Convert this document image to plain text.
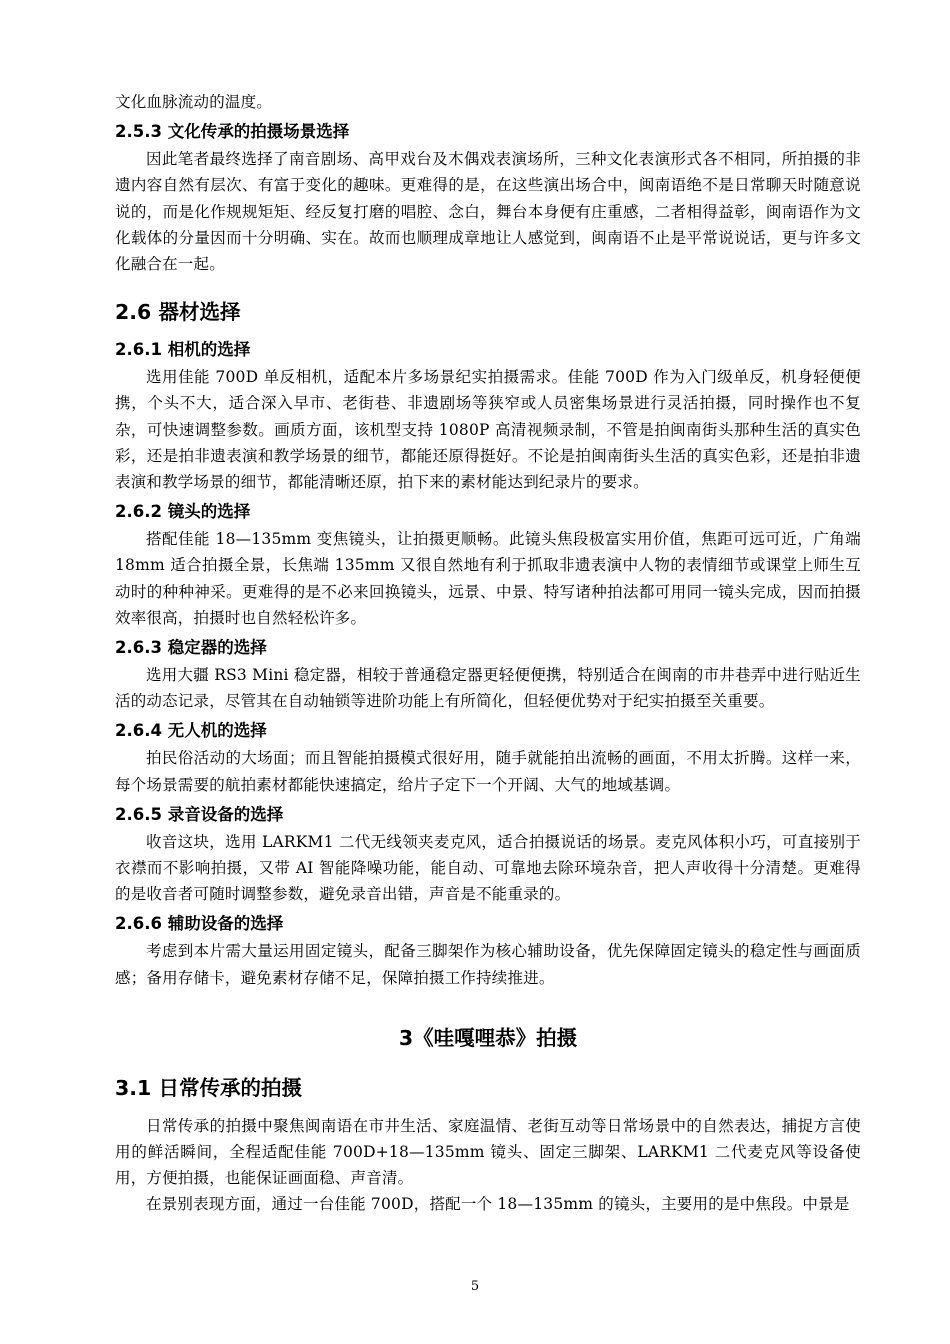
文化血脉流动的温度。

2.5.3 文化传承的拍摄场景选择

因此笔者最终选择了南音剧场、高甲戏台及木偶戏表演场所，三种文化表演形式各不相同，所拍摄的非遗内容自然有层次、有富于变化的趣味。更难得的是，在这些演出场合中，闽南语绝不是日常聊天时随意说说的，而是化作规规矩矩、经反复打磨的唱腔、念白，舞台本身便有庄重感，二者相得益彰，闽南语作为文化载体的分量因而十分明确、实在。故而也顺理成章地让人感觉到，闽南语不止是平常说说话，更与许多文化融合在一起。

2.6 器材选择
2.6.1 相机的选择

选用佳能 700D 单反相机，适配本片多场景纪实拍摄需求。佳能 700D 作为入门级单反，机身轻便便携，个头不大，适合深入早市、老街巷、非遗剧场等狭窄或人员密集场景进行灵活拍摄，同时操作也不复杂，可快速调整参数。画质方面，该机型支持 1080P 高清视频录制，不管是拍闽南街头那种生活的真实色彩，还是拍非遗表演和教学场景的细节，都能还原得挺好。不论是拍闽南街头生活的真实色彩，还是拍非遗表演和教学场景的细节，都能清晰还原，拍下来的素材能达到纪录片的要求。

2.6.2 镜头的选择

搭配佳能 18—135mm 变焦镜头，让拍摄更顺畅。此镜头焦段极富实用价值，焦距可远可近，广角端 18mm 适合拍摄全景，长焦端 135mm 又很自然地有利于抓取非遗表演中人物的表情细节或课堂上师生互动时的种种神采。更难得的是不必来回换镜头，远景、中景、特写诸种拍法都可用同一镜头完成，因而拍摄效率很高，拍摄时也自然轻松许多。

2.6.3 稳定器的选择

选用大疆 RS3 Mini 稳定器，相较于普通稳定器更轻便便携，特别适合在闽南的市井巷弄中进行贴近生活的动态记录，尽管其在自动轴锁等进阶功能上有所简化，但轻便优势对于纪实拍摄至关重要。

2.6.4 无人机的选择

拍民俗活动的大场面；而且智能拍摄模式很好用，随手就能拍出流畅的画面，不用太折腾。这样一来，每个场景需要的航拍素材都能快速搞定，给片子定下一个开阔、大气的地域基调。

2.6.5 录音设备的选择

收音这块，选用 LARKM1 二代无线领夹麦克风，适合拍摄说话的场景。麦克风体积小巧，可直接别于衣襟而不影响拍摄，又带 AI 智能降噪功能，能自动、可靠地去除环境杂音，把人声收得十分清楚。更难得的是收音者可随时调整参数，避免录音出错，声音是不能重录的。

2.6.6 辅助设备的选择

考虑到本片需大量运用固定镜头，配备三脚架作为核心辅助设备，优先保障固定镜头的稳定性与画面质感；备用存储卡，避免素材存储不足，保障拍摄工作持续推进。

3《哇嘎哩恭》拍摄
3.1 日常传承的拍摄

日常传承的拍摄中聚焦闽南语在市井生活、家庭温情、老街互动等日常场景中的自然表达，捕捉方言使用的鲜活瞬间，全程适配佳能 700D+18—135mm 镜头、固定三脚架、LARKM1 二代麦克风等设备使用，方便拍摄，也能保证画面稳、声音清。

在景别表现方面，通过一台佳能 700D，搭配一个 18—135mm 的镜头，主要用的是中焦段。中景是

5
